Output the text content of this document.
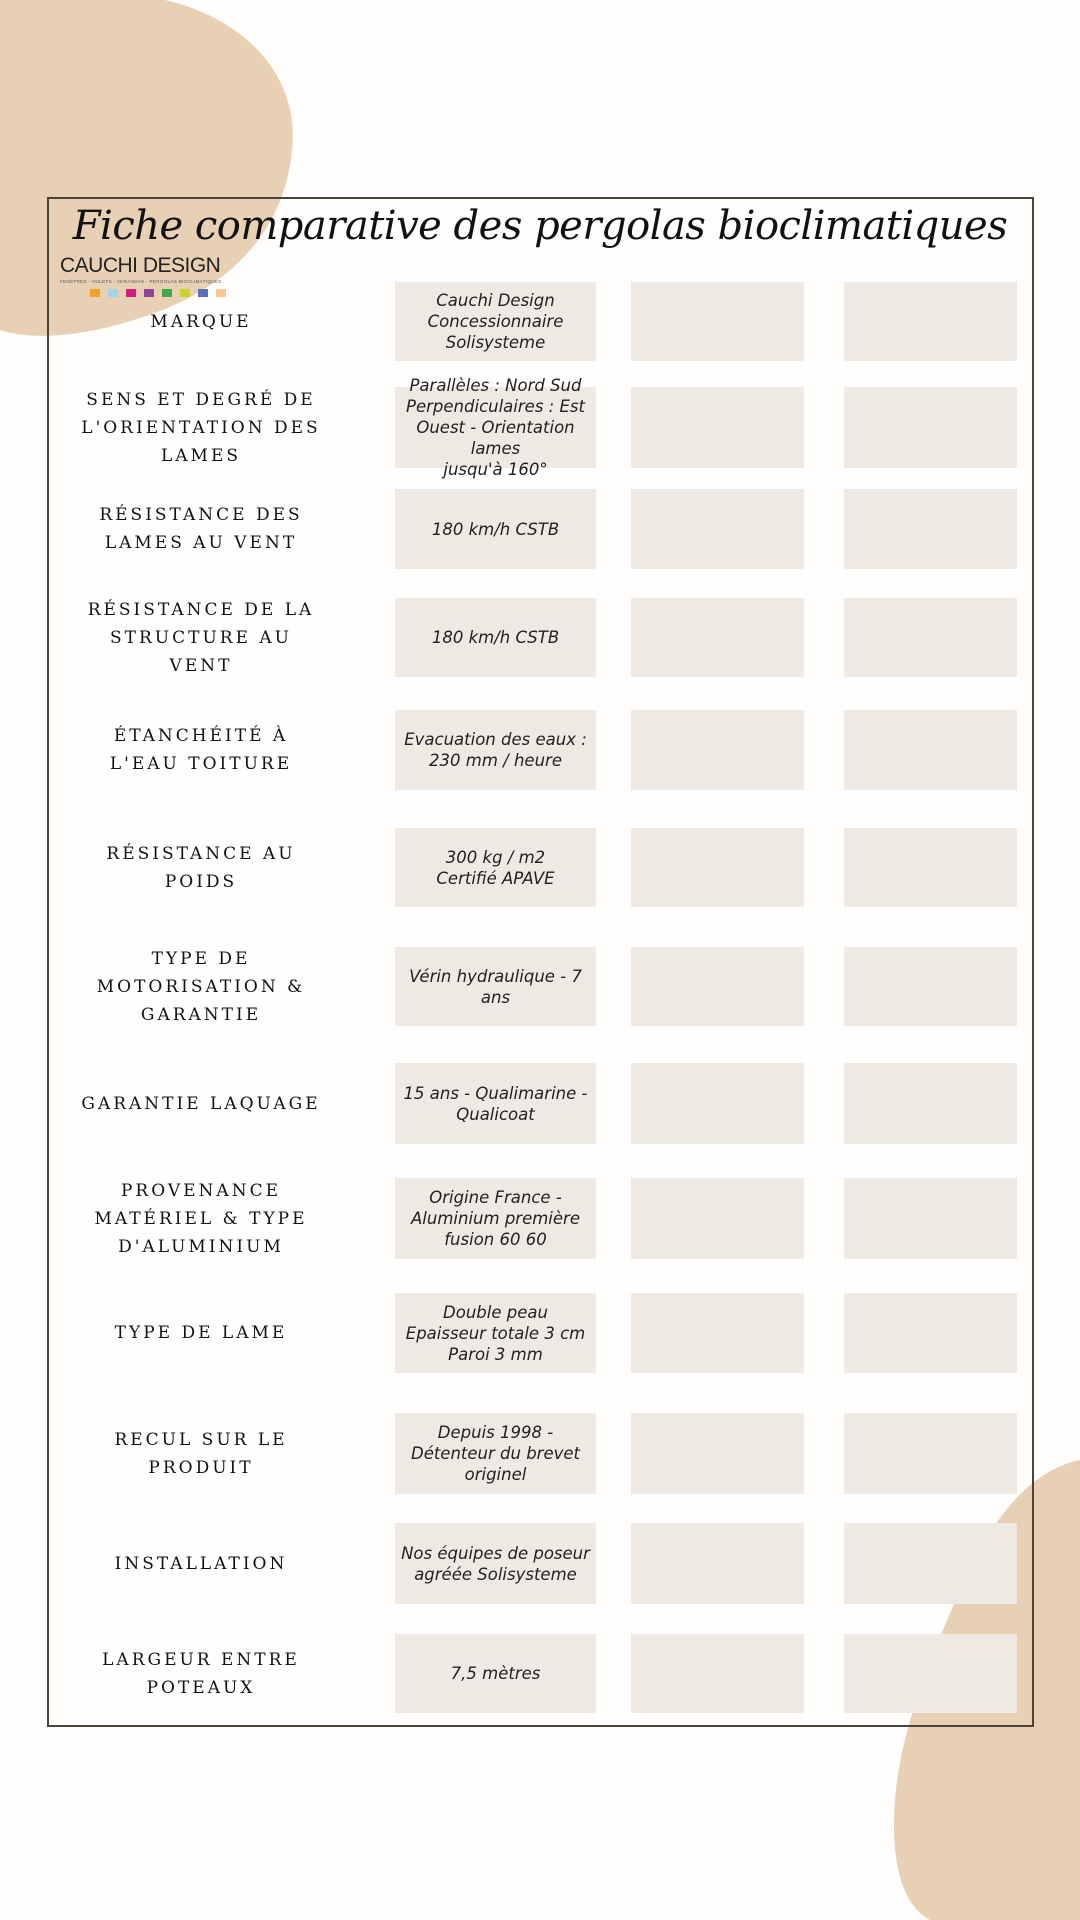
Fiche comparative des pergolas bioclimatiques
CAUCHI DESIGN
FENÊTRES - VOLETS - VERANDAS - PERGOLAS BIOCLIMATIQUES
MARQUE
Cauchi Design
Concessionnaire
Solisysteme
SENS ET DEGRÉ DE L'ORIENTATION DES LAMES
Parallèles : Nord Sud
Perpendiculaires : Est
Ouest - Orientation lames
jusqu'à 160°
RÉSISTANCE DES LAMES AU VENT
180 km/h CSTB
RÉSISTANCE DE LA STRUCTURE AU VENT
180 km/h CSTB
ÉTANCHÉITÉ À L'EAU TOITURE
Evacuation des eaux :
230 mm / heure
RÉSISTANCE AU POIDS
300 kg / m2
Certifié APAVE
TYPE DE MOTORISATION & GARANTIE
Vérin hydraulique - 7
ans
GARANTIE LAQUAGE
15 ans - Qualimarine -
Qualicoat
PROVENANCE MATÉRIEL & TYPE D'ALUMINIUM
Origine France -
Aluminium première
fusion 60 60
TYPE DE LAME
Double peau
Epaisseur totale 3 cm
Paroi 3 mm
RECUL SUR LE PRODUIT
Depuis 1998 -
Détenteur du brevet
originel
INSTALLATION
Nos équipes de poseur
agréée Solisysteme
LARGEUR ENTRE POTEAUX
7,5 mètres
